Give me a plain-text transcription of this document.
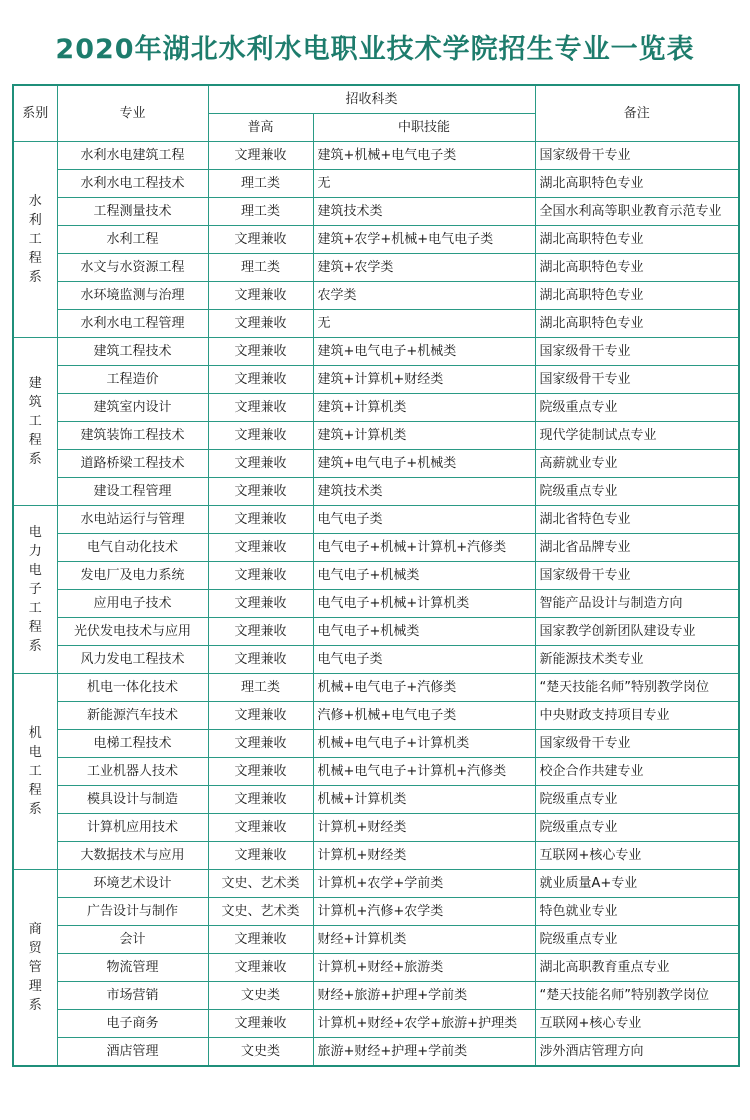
2020年湖北水利水电职业技术学院招生专业一览表
系别	专业	招收科类		备注
		普高	中职技能	
水利工程系	水利水电建筑工程	文理兼收	建筑+机械+电气电子类	国家级骨干专业
	水利水电工程技术	理工类	无	湖北高职特色专业
	工程测量技术	理工类	建筑技术类	全国水利高等职业教育示范专业
	水利工程	文理兼收	建筑+农学+机械+电气电子类	湖北高职特色专业
	水文与水资源工程	理工类	建筑+农学类	湖北高职特色专业
	水环境监测与治理	文理兼收	农学类	湖北高职特色专业
	水利水电工程管理	文理兼收	无	湖北高职特色专业
建筑工程系	建筑工程技术	文理兼收	建筑+电气电子+机械类	国家级骨干专业
	工程造价	文理兼收	建筑+计算机+财经类	国家级骨干专业
	建筑室内设计	文理兼收	建筑+计算机类	院级重点专业
	建筑装饰工程技术	文理兼收	建筑+计算机类	现代学徒制试点专业
	道路桥梁工程技术	文理兼收	建筑+电气电子+机械类	高薪就业专业
	建设工程管理	文理兼收	建筑技术类	院级重点专业
电力电子工程系	水电站运行与管理	文理兼收	电气电子类	湖北省特色专业
	电气自动化技术	文理兼收	电气电子+机械+计算机+汽修类	湖北省品牌专业
	发电厂及电力系统	文理兼收	电气电子+机械类	国家级骨干专业
	应用电子技术	文理兼收	电气电子+机械+计算机类	智能产品设计与制造方向
	光伏发电技术与应用	文理兼收	电气电子+机械类	国家教学创新团队建设专业
	风力发电工程技术	文理兼收	电气电子类	新能源技术类专业
机电工程系	机电一体化技术	理工类	机械+电气电子+汽修类	“楚天技能名师”特别教学岗位
	新能源汽车技术	文理兼收	汽修+机械+电气电子类	中央财政支持项目专业
	电梯工程技术	文理兼收	机械+电气电子+计算机类	国家级骨干专业
	工业机器人技术	文理兼收	机械+电气电子+计算机+汽修类	校企合作共建专业
	模具设计与制造	文理兼收	机械+计算机类	院级重点专业
	计算机应用技术	文理兼收	计算机+财经类	院级重点专业
	大数据技术与应用	文理兼收	计算机+财经类	互联网+核心专业
商贸管理系	环境艺术设计	文史、艺术类	计算机+农学+学前类	就业质量A+专业
	广告设计与制作	文史、艺术类	计算机+汽修+农学类	特色就业专业
	会计	文理兼收	财经+计算机类	院级重点专业
	物流管理	文理兼收	计算机+财经+旅游类	湖北高职教育重点专业
	市场营销	文史类	财经+旅游+护理+学前类	“楚天技能名师”特别教学岗位
	电子商务	文理兼收	计算机+财经+农学+旅游+护理类	互联网+核心专业
	酒店管理	文史类	旅游+财经+护理+学前类	涉外酒店管理方向
